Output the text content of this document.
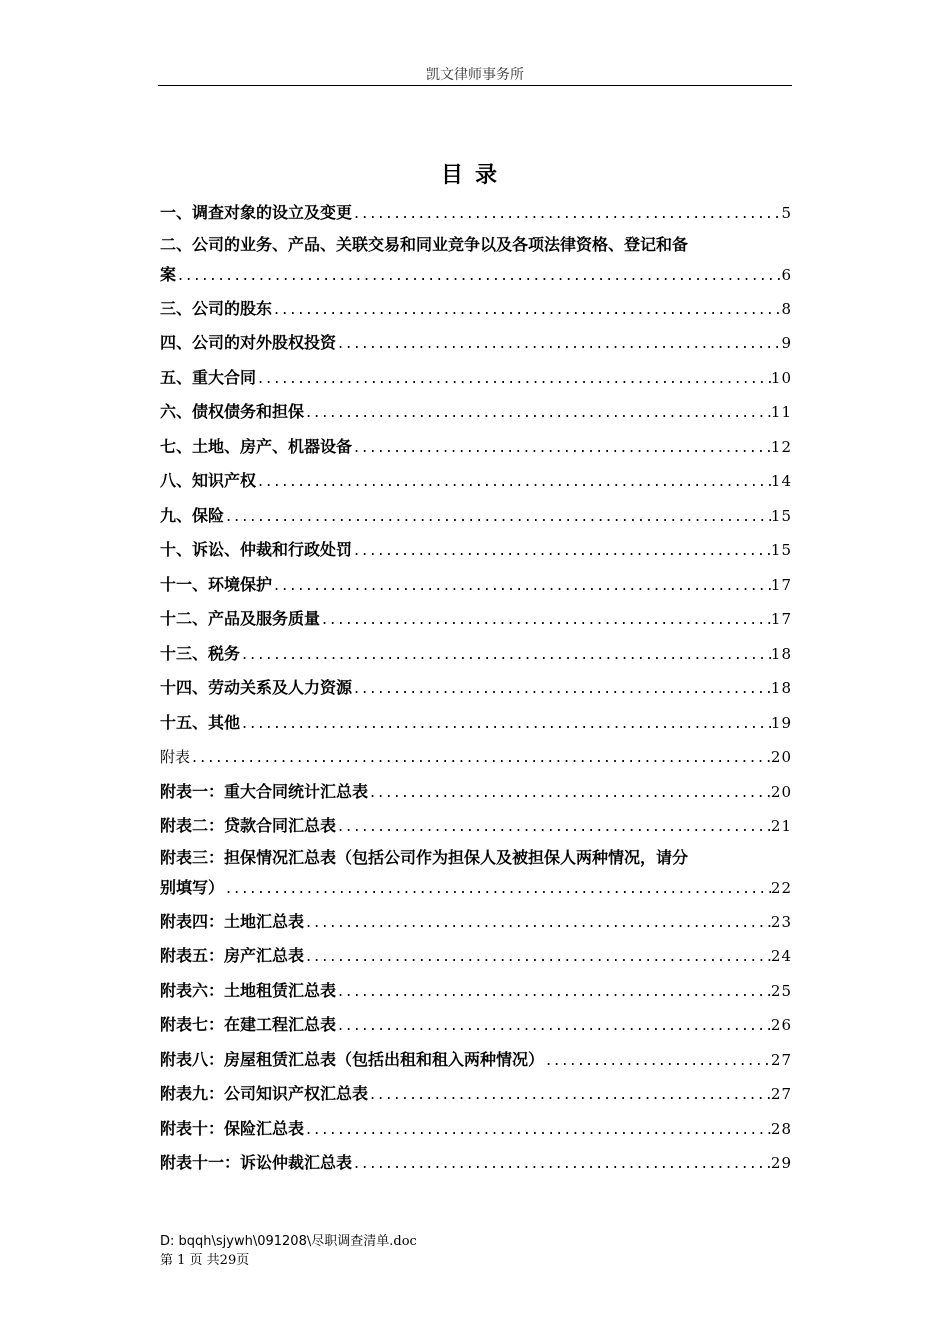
凯文律师事务所
目录
一、调查对象的设立及变更 .....	5
二、公司的业务、产品、关联交易和同业竞争以及各项法律资格、登记和备
案 .....	6
三、公司的股东 .....	8
四、公司的对外股权投资 .....	9
五、重大合同 .....	10
六、债权债务和担保 .....	11
七、土地、房产、机器设备 .....	12
八、知识产权 .....	14
九、保险 .....	15
十、诉讼、仲裁和行政处罚 .....	15
十一、环境保护 .....	17
十二、产品及服务质量 .....	17
十三、税务 .....	18
十四、劳动关系及人力资源 .....	18
十五、其他 .....	19
附表 .....	20
附表一：重大合同统计汇总表 .....	20
附表二：贷款合同汇总表 .....	21
附表三：担保情况汇总表（包括公司作为担保人及被担保人两种情况，请分
别填写） .....	22
附表四：土地汇总表 .....	23
附表五：房产汇总表 .....	24
附表六：土地租赁汇总表 .....	25
附表七：在建工程汇总表 .....	26
附表八：房屋租赁汇总表（包括出租和租入两种情况） .....	27
附表九：公司知识产权汇总表 .....	27
附表十：保险汇总表 .....	28
附表十一：诉讼仲裁汇总表 .....	29
D: bqqh\sjywh\091208\尽职调查清单.doc
第 1 页 共29页
